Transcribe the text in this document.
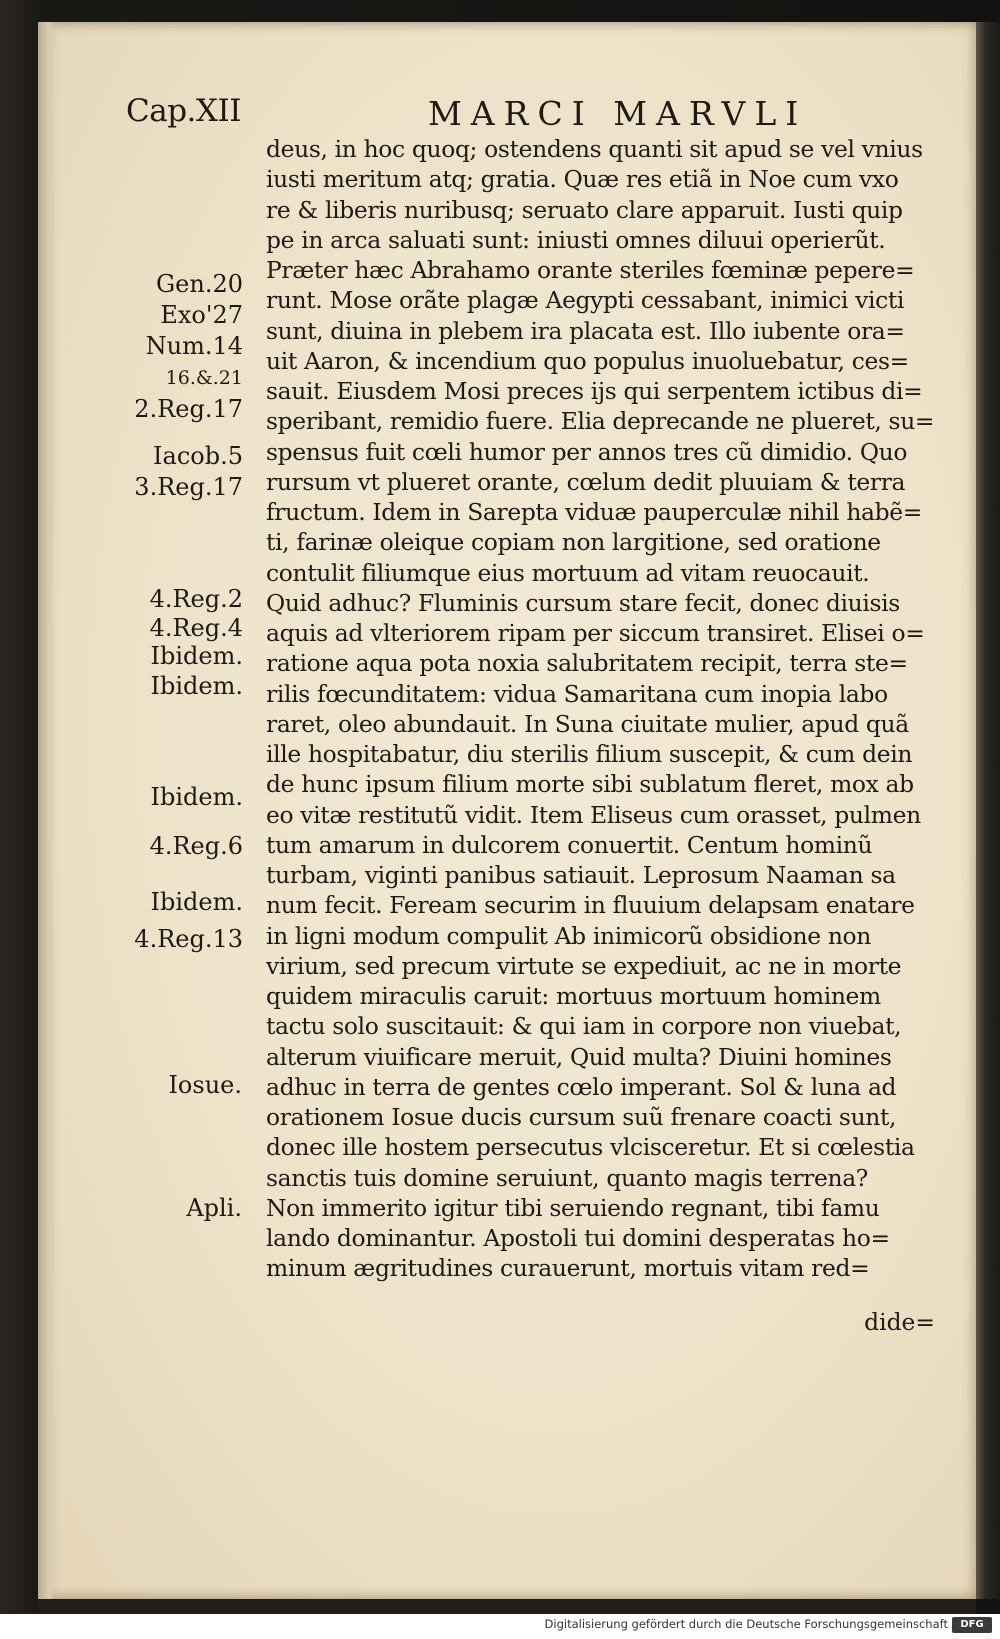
Cap.XII	MARCI MARVLI
Gen.20
Exo'27
Num.14
16.&.21
2.Reg.17
Iacob.5
3.Reg.17
4.Reg.2
4.Reg.4
Ibidem.
Ibidem.
Ibidem.
4.Reg.6
Ibidem.
4.Reg.13
Iosue.
Apli.
deus, in hoc quoq; ostendens quanti sit apud se vel vnius
iusti meritum atq; gratia. Quæ res etiã in Noe cum vxo
re & liberis nuribusq; seruato clare apparuit. Iusti quip
pe in arca saluati sunt: iniusti omnes diluui operierũt.
Præter hæc Abrahamo orante steriles fœminæ pepere=
runt. Mose orãte plagæ Aegypti cessabant, inimici victi
sunt, diuina in plebem ira placata est. Illo iubente ora=
uit Aaron, & incendium quo populus inuoluebatur, ces=
sauit. Eiusdem Mosi preces ijs qui serpentem ictibus di=
speribant, remidio fuere. Elia deprecande ne plueret, su=
spensus fuit cœli humor per annos tres cũ dimidio. Quo
rursum vt plueret orante, cœlum dedit pluuiam & terra
fructum. Idem in Sarepta viduæ pauperculæ nihil habẽ=
ti, farinæ oleique copiam non largitione, sed oratione
contulit filiumque eius mortuum ad vitam reuocauit.
Quid adhuc? Fluminis cursum stare fecit, donec diuisis
aquis ad vlteriorem ripam per siccum transiret. Elisei o=
ratione aqua pota noxia salubritatem recipit, terra ste=
rilis fœcunditatem: vidua Samaritana cum inopia labo
raret, oleo abundauit. In Suna ciuitate mulier, apud quã
ille hospitabatur, diu sterilis filium suscepit, & cum dein
de hunc ipsum filium morte sibi sublatum fleret, mox ab
eo vitæ restitutũ vidit. Item Eliseus cum orasset, pulmen
tum amarum in dulcorem conuertit. Centum hominũ
turbam, viginti panibus satiauit. Leprosum Naaman sa
num fecit. Feream securim in fluuium delapsam enatare
in ligni modum compulit Ab inimicorũ obsidione non
virium, sed precum virtute se expediuit, ac ne in morte
quidem miraculis caruit: mortuus mortuum hominem
tactu solo suscitauit: & qui iam in corpore non viuebat,
alterum viuificare meruit, Quid multa? Diuini homines
adhuc in terra de gentes cœlo imperant. Sol & luna ad
orationem Iosue ducis cursum suũ frenare coacti sunt,
donec ille hostem persecutus vlcisceretur. Et si cœlestia
sanctis tuis domine seruiunt, quanto magis terrena?
Non immerito igitur tibi seruiendo regnant, tibi famu
lando dominantur. Apostoli tui domini desperatas ho=
minum ægritudines curauerunt, mortuis vitam red=
dide=
Digitalisierung gefördert durch die Deutsche Forschungsgemeinschaft	DFG
